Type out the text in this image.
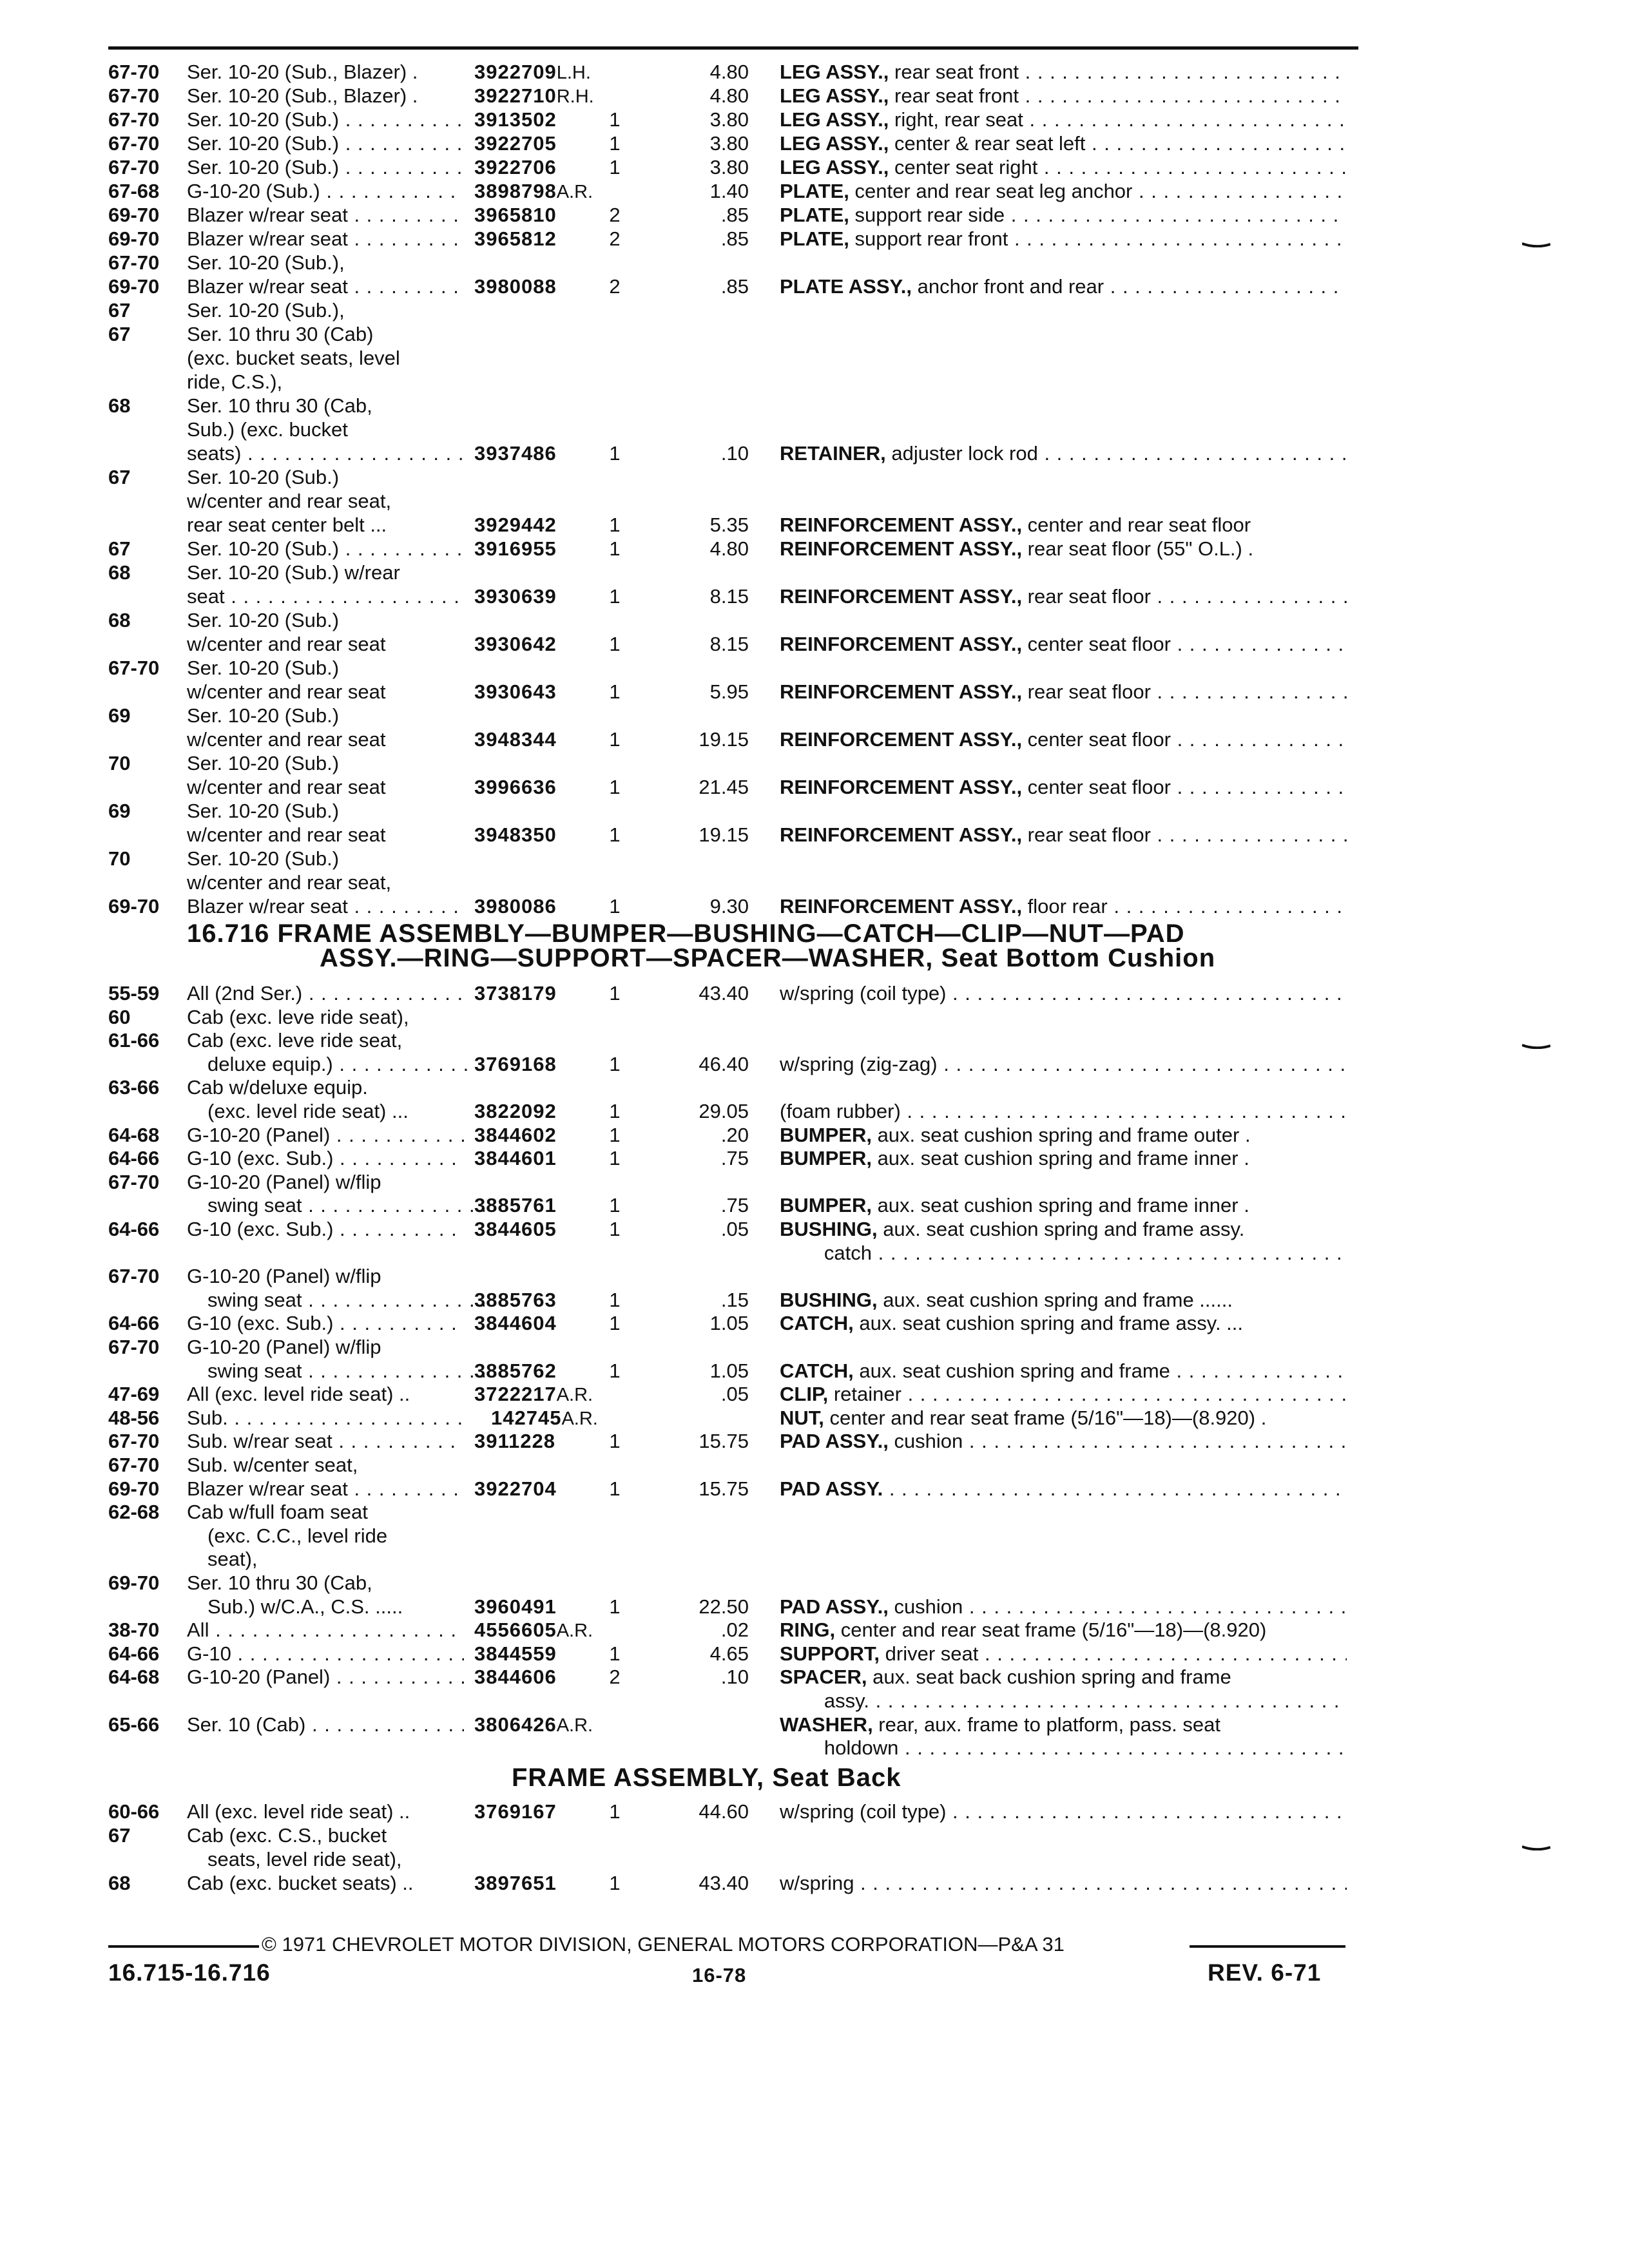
67-70 Ser. 10-20 (Sub., Blazer) .	3922709L.H.	4.80 LEG ASSY., rear seat front . . .
67-70 Ser. 10-20 (Sub., Blazer) .	3922710R.H.	4.80 LEG ASSY., rear seat front . . .
67-70 Ser. 10-20 (Sub.) . . .	3913502	1	3.80 LEG ASSY., right, rear seat . . .
67-70 Ser. 10-20 (Sub.) . . .	3922705	1	3.80 LEG ASSY., center & rear seat left . . .
67-70 Ser. 10-20 (Sub.) . . .	3922706	1	3.80 LEG ASSY., center seat right . . .
67-68 G-10-20 (Sub.) . . .	3898798A.R.	1.40 PLATE, center and rear seat leg anchor . . .
69-70 Blazer w/rear seat . . .	3965810	2	.85 PLATE, support rear side . . .
69-70 Blazer w/rear seat . . .	3965812	2	.85 PLATE, support rear front . . .
67-70 Ser. 10-20 (Sub.),
69-70 Blazer w/rear seat . . .	3980088	2	.85 PLATE ASSY., anchor front and rear . . .
67	Ser. 10-20 (Sub.),
67	Ser. 10 thru 30 (Cab)
(exc. bucket seats, level
ride, C.S.),
68	Ser. 10 thru 30 (Cab,
Sub.) (exc. bucket
seats) . . .	3937486	1	.10 RETAINER, adjuster lock rod . . .
67	Ser. 10-20 (Sub.)
w/center and rear seat,
rear seat center belt ...	3929442	1	5.35 REINFORCEMENT ASSY., center and rear seat floor
67	Ser. 10-20 (Sub.) . . .	3916955	1	4.80 REINFORCEMENT ASSY., rear seat floor (55" O.L.) .
68	Ser. 10-20 (Sub.) w/rear
seat . . .	3930639	1	8.15 REINFORCEMENT ASSY., rear seat floor . . .
68	Ser. 10-20 (Sub.)
w/center and rear seat	3930642	1	8.15 REINFORCEMENT ASSY., center seat floor . . .
67-70 Ser. 10-20 (Sub.)
w/center and rear seat	3930643	1	5.95 REINFORCEMENT ASSY., rear seat floor . . .
69	Ser. 10-20 (Sub.)
w/center and rear seat	3948344	1	19.15 REINFORCEMENT ASSY., center seat floor . . .
70	Ser. 10-20 (Sub.)
w/center and rear seat	3996636	1	21.45 REINFORCEMENT ASSY., center seat floor . . .
69	Ser. 10-20 (Sub.)
w/center and rear seat	3948350	1	19.15 REINFORCEMENT ASSY., rear seat floor . . .
70	Ser. 10-20 (Sub.)
w/center and rear seat,
69-70 Blazer w/rear seat . . .	3980086	1	9.30 REINFORCEMENT ASSY., floor rear . . .
16.716 FRAME ASSEMBLY—BUMPER—BUSHING—CATCH—CLIP—NUT—PAD
ASSY.—RING—SUPPORT—SPACER—WASHER, Seat Bottom Cushion
55-59 All (2nd Ser.) . . .	3738179	1	43.40 w/spring (coil type) . . .
60	Cab (exc. leve ride seat),
61-66 Cab (exc. leve ride seat,
deluxe equip.) . . .	3769168	1	46.40 w/spring (zig-zag) . . .
63-66 Cab w/deluxe equip.
(exc. level ride seat) ...	3822092	1	29.05 (foam rubber) . . .
64-68 G-10-20 (Panel) . . .	3844602	1	.20 BUMPER, aux. seat cushion spring and frame outer .
64-66 G-10 (exc. Sub.) . . .	3844601	1	.75 BUMPER, aux. seat cushion spring and frame inner .
67-70 G-10-20 (Panel) w/flip
swing seat . . .	3885761	1	.75 BUMPER, aux. seat cushion spring and frame inner .
64-66 G-10 (exc. Sub.) . . .	3844605	1	.05 BUSHING, aux. seat cushion spring and frame assy.
catch . . .
67-70 G-10-20 (Panel) w/flip
swing seat . . .	3885763	1	.15 BUSHING, aux. seat cushion spring and frame ......
64-66 G-10 (exc. Sub.) . . .	3844604	1	1.05 CATCH, aux. seat cushion spring and frame assy. ...
67-70 G-10-20 (Panel) w/flip
swing seat . . .	3885762	1	1.05 CATCH, aux. seat cushion spring and frame . . .
47-69 All (exc. level ride seat) ..	3722217A.R.	.05 CLIP, retainer . . .
48-56 Sub. . . .	142745A.R.	NUT, center and rear seat frame (5/16"—18)—(8.920) .
67-70 Sub. w/rear seat . . .	3911228	1	15.75 PAD ASSY., cushion . . .
67-70 Sub. w/center seat,
69-70 Blazer w/rear seat . . .	3922704	1	15.75 PAD ASSY. . . .
62-68 Cab w/full foam seat
(exc. C.C., level ride
seat),
69-70 Ser. 10 thru 30 (Cab,
Sub.) w/C.A., C.S. .....	3960491	1	22.50 PAD ASSY., cushion . . .
38-70 All . . .	4556605A.R.	.02 RING, center and rear seat frame (5/16"—18)—(8.920)
64-66 G-10 . . .	3844559	1	4.65 SUPPORT, driver seat . . .
64-68 G-10-20 (Panel) . . .	3844606	2	.10 SPACER, aux. seat back cushion spring and frame
assy. . . .
65-66 Ser. 10 (Cab) . . .	3806426A.R.	WASHER, rear, aux. frame to platform, pass. seat
holdown . . .
FRAME ASSEMBLY, Seat Back
60-66 All (exc. level ride seat) ..	3769167	1	44.60 w/spring (coil type) . . .
67	Cab (exc. C.S., bucket
seats, level ride seat),
68	Cab (exc. bucket seats) ..	3897651	1	43.40 w/spring . . .
© 1971 CHEVROLET MOTOR DIVISION, GENERAL MOTORS CORPORATION—P&A 31
16.715-16.716	16-78	REV. 6-71
